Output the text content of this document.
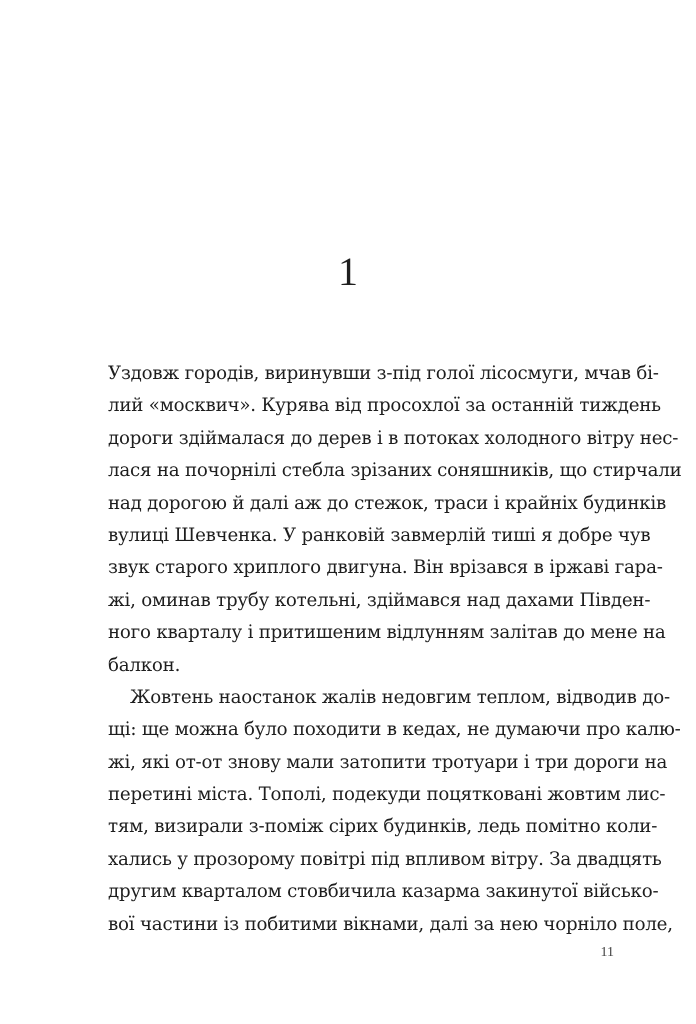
1
Уздовж городів, виринувши з-під голої лісосмуги, мчав бі-
лий «москвич». Курява від просохлої за останній тиждень
дороги здіймалася до дерев і в потоках холодного вітру нес-
лася на почорнілі стебла зрізаних соняшників, що стирчали
над дорогою й далі аж до стежок, траси і крайніх будинків
вулиці Шевченка. У ранковій завмерлій тиші я добре чув
звук старого хриплого двигуна. Він врізався в іржаві гара-
жі, оминав трубу котельні, здіймався над дахами Півден-
ного кварталу і притишеним відлунням залітав до мене на
балкон.
Жовтень наостанок жалів недовгим теплом, відводив до-
щі: ще можна було походити в кедах, не думаючи про калю-
жі, які от-от знову мали затопити тротуари і три дороги на
перетині міста. Тополі, подекуди поцятковані жовтим лис-
тям, визирали з-поміж сірих будинків, ледь помітно коли-
хались у прозорому повітрі під впливом вітру. За двадцять
другим кварталом стовбичила казарма закинутої військо-
вої частини із побитими вікнами, далі за нею чорніло поле,
11
